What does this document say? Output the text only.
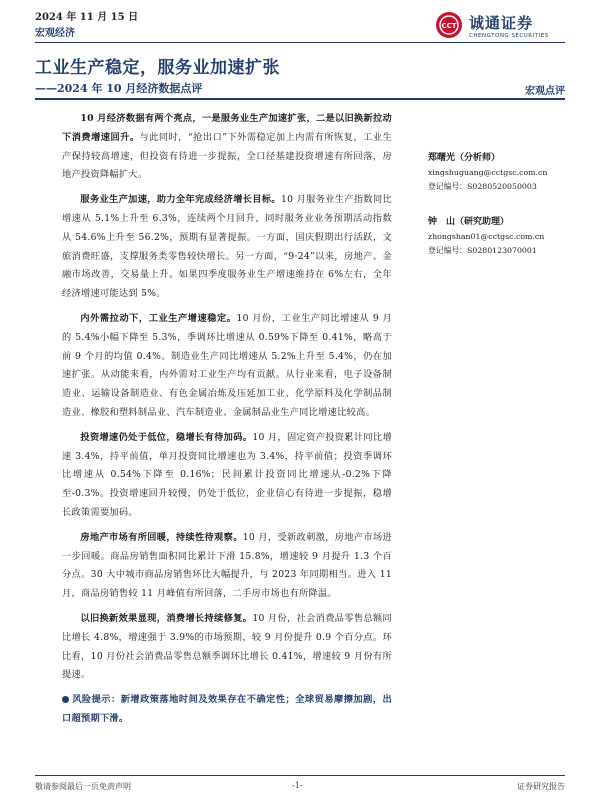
2024 年 11 月 15 日
宏观经济
CCT 诚通证券
CHENGTONG SECURITIES
工业生产稳定，服务业加速扩张
——2024 年 10 月经济数据点评	宏观点评

10 月经济数据有两个亮点，一是服务业生产加速扩张，二是以旧换新拉动下消费增速回升。与此同时，“抢出口”下外需稳定加上内需有所恢复，工业生产保持较高增速，但投资有待进一步提振，全口径基建投资增速有所回落，房地产投资降幅扩大。

服务业生产加速，助力全年完成经济增长目标。10 月服务业生产指数同比增速从 5.1%上升至 6.3%，连续两个月回升，同时服务业业务预期活动指数从 54.6%上升至 56.2%，预期有显著提振。一方面，国庆假期出行活跃，文旅消费旺盛，支撑服务类零售较快增长。另一方面，“9·24”以来，房地产、金融市场改善，交易量上升。如果四季度服务业生产增速维持在 6%左右，全年经济增速可能达到 5%。

内外需拉动下，工业生产增速稳定。10 月份，工业生产同比增速从 9 月的 5.4%小幅下降至 5.3%，季调环比增速从 0.59%下降至 0.41%，略高于前 9 个月的均值 0.4%。制造业生产同比增速从 5.2%上升至 5.4%，仍在加速扩张。从动能来看，内外需对工业生产均有贡献。从行业来看，电子设备制造业、运输设备制造业、有色金属冶炼及压延加工业、化学原料及化学制品制造业、橡胶和塑料制品业、汽车制造业、金属制品业生产同比增速比较高。

投资增速仍处于低位，稳增长有待加码。10 月，固定资产投资累计同比增速 3.4%，持平前值，单月投资同比增速也为 3.4%，持平前值；投资季调环比增速从 0.54%下降至 0.16%；民间累计投资同比增速从-0.2%下降至-0.3%。投资增速回升较慢，仍处于低位，企业信心有待进一步提振，稳增长政策需要加码。

房地产市场有所回暖，持续性待观察。10 月，受新政刺激，房地产市场进一步回暖。商品房销售面积同比累计下滑 15.8%，增速较 9 月提升 1.3 个百分点。30 大中城市商品房销售环比大幅提升，与 2023 年同期相当。进入 11 月，商品房销售较 11 月峰值有所回落，二手房市场也有所降温。

以旧换新效果显现，消费增长持续修复。10 月份，社会消费品零售总额同比增长 4.8%，增速强于 3.9%的市场预期，较 9 月份提升 0.9 个百分点。环比看，10 月份社会消费品零售总额季调环比增长 0.41%，增速较 9 月份有所提速。

风险提示：新增政策落地时间及效果存在不确定性；全球贸易摩擦加剧，出口超预期下滑。

郑曙光（分析师）
xingshuguang@cctgsc.com.cn
登记编号：S0280520050003
钟　山（研究助理）
zhongshan01@cctgsc.com.cn
登记编号：S0280123070001
敬请参阅最后一页免责声明	-1-	证券研究报告
